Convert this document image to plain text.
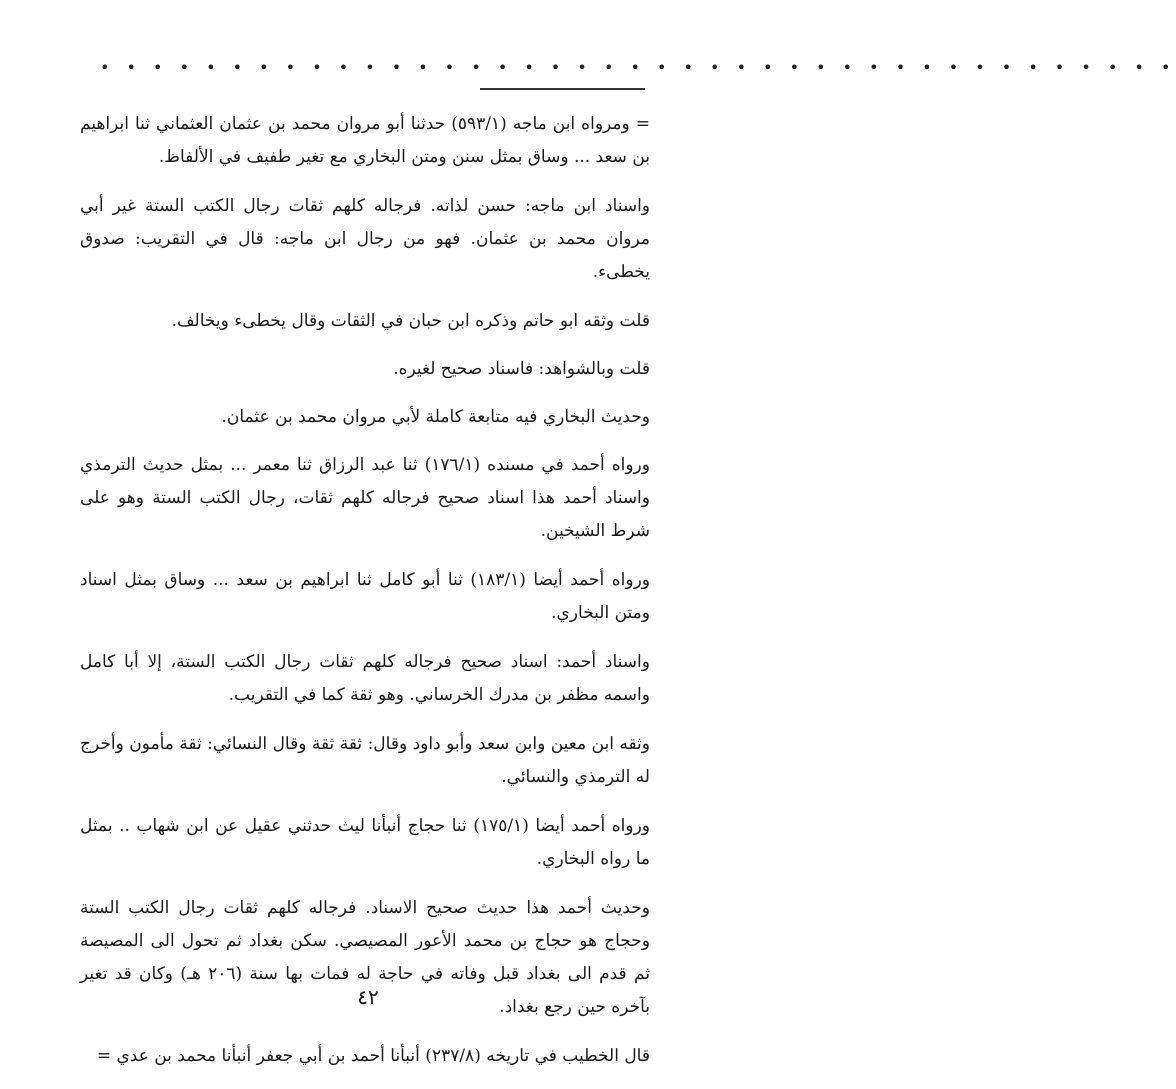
• • • • • • • • • • • • • • • • • • • • • • • • • • • • • • • • • • • • • • • • •

= ومرواه ابن ماجه (٥٩٣/١) حدثنا أبو مروان محمد بن عثمان العثماني ثنا ابراهيم بن سعد ... وساق بمثل سنن ومتن البخاري مع تغير طفيف في الألفاظ.

واسناد ابن ماجه: حسن لذاته. فرجاله كلهم ثقات رجال الكتب الستة غير أبي مروان محمد بن عثمان. فهو من رجال ابن ماجه: قال في التقريب: صدوق يخطىء.

قلت وثقه ابو حاتم وذكره ابن حبان في الثقات وقال يخطىء ويخالف.

قلت وبالشواهد: فاسناد صحيح لغيره.

وحديث البخاري فيه متابعة كاملة لأبي مروان محمد بن عثمان.

ورواه أحمد في مسنده (١٧٦/١) ثنا عبد الرزاق ثنا معمر ... بمثل حديث الترمذي واسناد أحمد هذا اسناد صحيح فرجاله كلهم ثقات، رجال الكتب الستة وهو على شرط الشيخين.

ورواه أحمد أيضا (١٨٣/١) ثنا أبو كامل ثنا ابراهيم بن سعد ... وساق بمثل اسناد ومتن البخاري.

واسناد أحمد: اسناد صحيح فرجاله كلهم ثقات رجال الكتب الستة، إلا أبا كامل واسمه مظفر بن مدرك الخرساني. وهو ثقة كما في التقريب.

وثقه ابن معين وابن سعد وأبو داود وقال: ثقة ثقة وقال النسائي: ثقة مأمون وأخرج له الترمذي والنسائي.

ورواه أحمد أيضا (١٧٥/١) ثنا حجاج أنبأنا ليث حدثني عقيل عن ابن شهاب .. بمثل ما رواه البخاري.

وحديث أحمد هذا حديث صحيح الاسناد. فرجاله كلهم ثقات رجال الكتب الستة وحجاج هو حجاج بن محمد الأعور المصيصي. سكن بغداد ثم تحول الى المصيصة ثم قدم الى بغداد قبل وفاته في حاجة له فمات بها سنة (٢٠٦ هـ) وكان قد تغير بآخره حين رجع بغداد.

قال الخطيب في تاريخه (٢٣٧/٨) أنبأنا أحمد بن أبي جعفر أنبأنا محمد بن عدي =

٤٢
